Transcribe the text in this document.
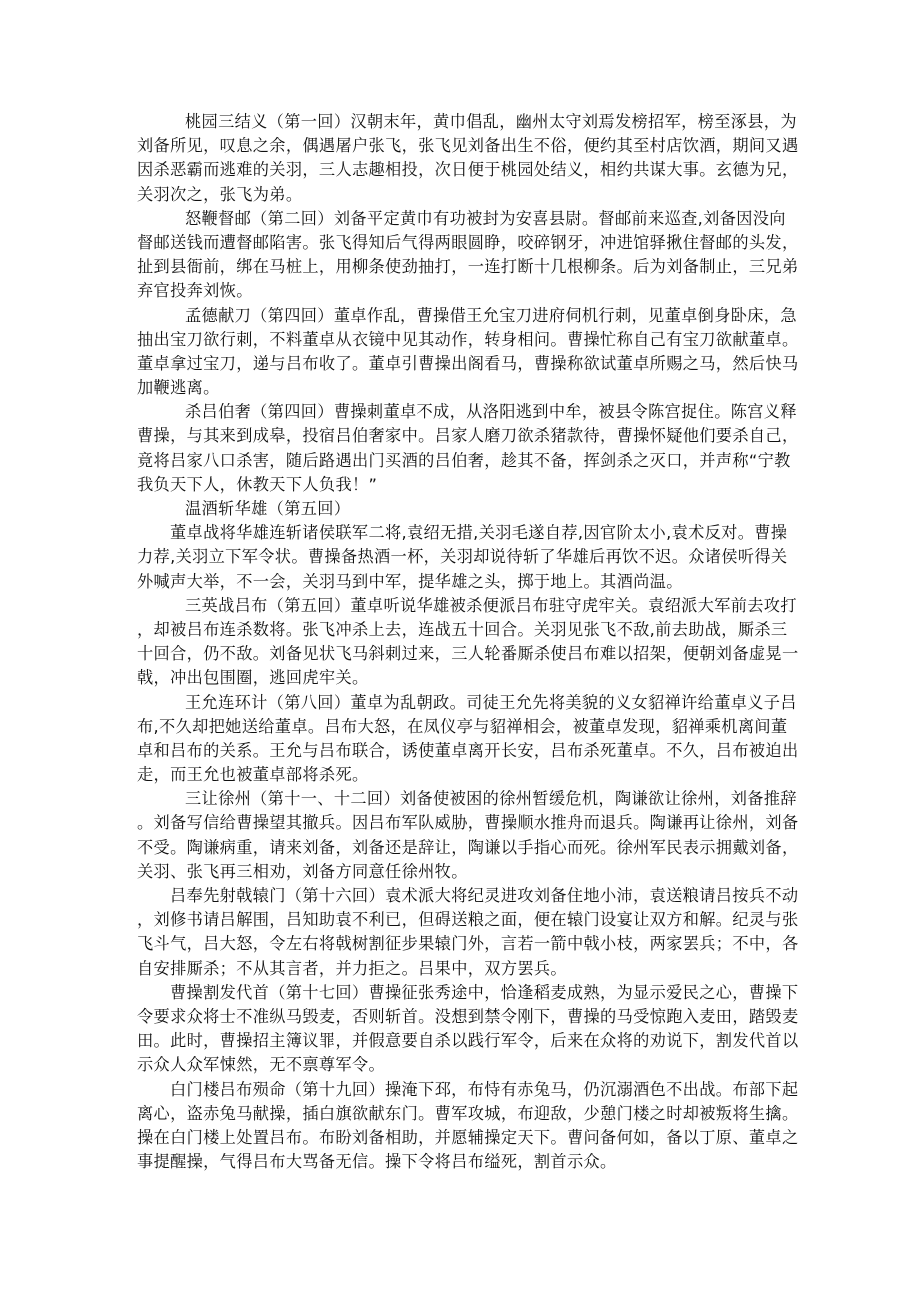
桃园三结义（第一回）汉朝末年，黄巾倡乱，幽州太守刘焉发榜招军，榜至涿县，为
刘备所见，叹息之余，偶遇屠户张飞，张飞见刘备出生不俗，便约其至村店饮酒，期间又遇
因杀恶霸而逃难的关羽，三人志趣相投，次日便于桃园处结义，相约共谋大事。玄德为兄，
关羽次之，张飞为弟。
怒鞭督邮（第二回）刘备平定黄巾有功被封为安喜县尉。督邮前来巡查,刘备因没向
督邮送钱而遭督邮陷害。张飞得知后气得两眼圆睁，咬碎钢牙，冲进馆驿揪住督邮的头发，
扯到县衙前，绑在马桩上，用柳条使劲抽打，一连打断十几根柳条。后为刘备制止，三兄弟
弃官投奔刘恢。
孟德献刀（第四回）董卓作乱，曹操借王允宝刀进府伺机行刺，见董卓倒身卧床，急
抽出宝刀欲行刺，不料董卓从衣镜中见其动作，转身相问。曹操忙称自己有宝刀欲献董卓。
董卓拿过宝刀，递与吕布收了。董卓引曹操出阁看马，曹操称欲试董卓所赐之马，然后快马
加鞭逃离。
杀吕伯奢（第四回）曹操刺董卓不成，从洛阳逃到中牟，被县令陈宫捉住。陈宫义释
曹操，与其来到成皋，投宿吕伯奢家中。吕家人磨刀欲杀猪款待，曹操怀疑他们要杀自己，
竟将吕家八口杀害，随后路遇出门买酒的吕伯奢，趁其不备，挥剑杀之灭口，并声称“宁教
我负天下人，休教天下人负我！”
温酒斩华雄（第五回）
董卓战将华雄连斩诸侯联军二将,袁绍无措,关羽毛遂自荐,因官阶太小,袁术反对。曹操
力荐,关羽立下军令状。曹操备热酒一杯，关羽却说待斩了华雄后再饮不迟。众诸侯听得关
外喊声大举，不一会，关羽马到中军，提华雄之头，掷于地上。其酒尚温。
三英战吕布（第五回）董卓听说华雄被杀便派吕布驻守虎牢关。袁绍派大军前去攻打
，却被吕布连杀数将。张飞冲杀上去，连战五十回合。关羽见张飞不敌,前去助战，厮杀三
十回合，仍不敌。刘备见状飞马斜刺过来，三人轮番厮杀使吕布难以招架，便朝刘备虚晃一
戟，冲出包围圈，逃回虎牢关。
王允连环计（第八回）董卓为乱朝政。司徒王允先将美貌的义女貂禅许给董卓义子吕
布,不久却把她送给董卓。吕布大怒，在凤仪亭与貂禅相会，被董卓发现，貂禅乘机离间董
卓和吕布的关系。王允与吕布联合，诱使董卓离开长安，吕布杀死董卓。不久，吕布被迫出
走，而王允也被董卓部将杀死。
三让徐州（第十一、十二回）刘备使被困的徐州暂缓危机，陶谦欲让徐州，刘备推辞
。刘备写信给曹操望其撤兵。因吕布军队威胁，曹操顺水推舟而退兵。陶谦再让徐州，刘备
不受。陶谦病重，请来刘备，刘备还是辞让，陶谦以手指心而死。徐州军民表示拥戴刘备，
关羽、张飞再三相劝，刘备方同意任徐州牧。
吕奉先射戟辕门（第十六回）袁术派大将纪灵进攻刘备住地小沛，袁送粮请吕按兵不动
，刘修书请吕解围，吕知助袁不利已，但碍送粮之面，便在辕门设宴让双方和解。纪灵与张
飞斗气，吕大怒，令左右将戟树割征步果辕门外，言若一箭中戟小枝，两家罢兵；不中，各
自安排厮杀；不从其言者，并力拒之。吕果中，双方罢兵。
曹操割发代首（第十七回）曹操征张秀途中，恰逢稻麦成熟，为显示爱民之心，曹操下
令要求众将士不准纵马毁麦，否则斩首。没想到禁令刚下，曹操的马受惊跑入麦田，踏毁麦
田。此时，曹操招主簿议罪，并假意要自杀以践行军令，后来在众将的劝说下，割发代首以
示众人众军悚然，无不禀尊军令。
白门楼吕布殒命（第十九回）操淹下邳，布恃有赤兔马，仍沉溺酒色不出战。布部下起
离心，盗赤兔马献操，插白旗欲献东门。曹军攻城，布迎敌，少憩门楼之时却被叛将生擒。
操在白门楼上处置吕布。布盼刘备相助，并愿辅操定天下。曹问备何如，备以丁原、董卓之
事提醒操，气得吕布大骂备无信。操下令将吕布缢死，割首示众。
